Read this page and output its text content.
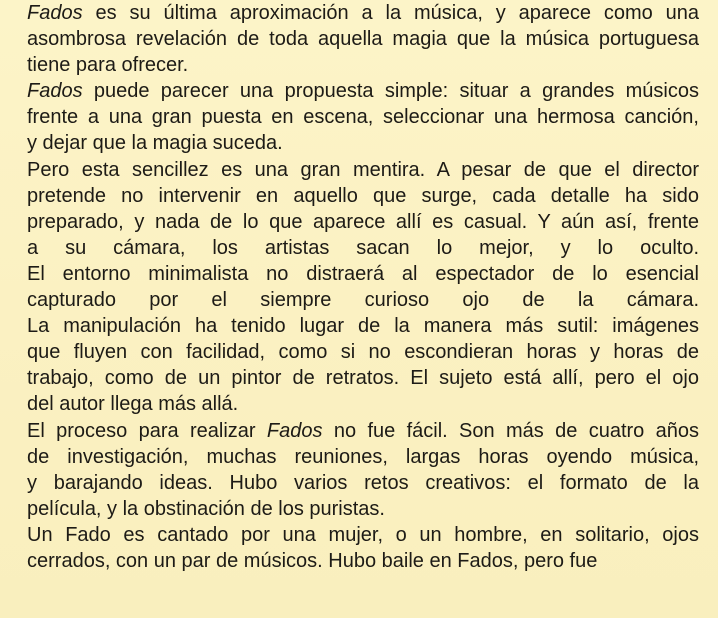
Fados es su última aproximación a la música, y aparece como una
asombrosa revelación de toda aquella magia que la música portuguesa
tiene para ofrecer.
Fados puede parecer una propuesta simple: situar a grandes músicos
frente a una gran puesta en escena, seleccionar una hermosa canción,
y dejar que la magia suceda.
Pero esta sencillez es una gran mentira. A pesar de que el director
pretende no intervenir en aquello que surge, cada detalle ha sido
preparado, y nada de lo que aparece allí es casual. Y aún así, frente
a su cámara, los artistas sacan lo mejor, y lo oculto.
El entorno minimalista no distraerá al espectador de lo esencial
capturado por el siempre curioso ojo de la cámara.
La manipulación ha tenido lugar de la manera más sutil: imágenes
que fluyen con facilidad, como si no escondieran horas y horas de
trabajo, como de un pintor de retratos. El sujeto está allí, pero el ojo
del autor llega más allá.
El proceso para realizar Fados no fue fácil. Son más de cuatro años
de investigación, muchas reuniones, largas horas oyendo música,
y barajando ideas. Hubo varios retos creativos: el formato de la
película, y la obstinación de los puristas.
Un Fado es cantado por una mujer, o un hombre, en solitario, ojos
cerrados, con un par de músicos. Hubo baile en Fados, pero fue
